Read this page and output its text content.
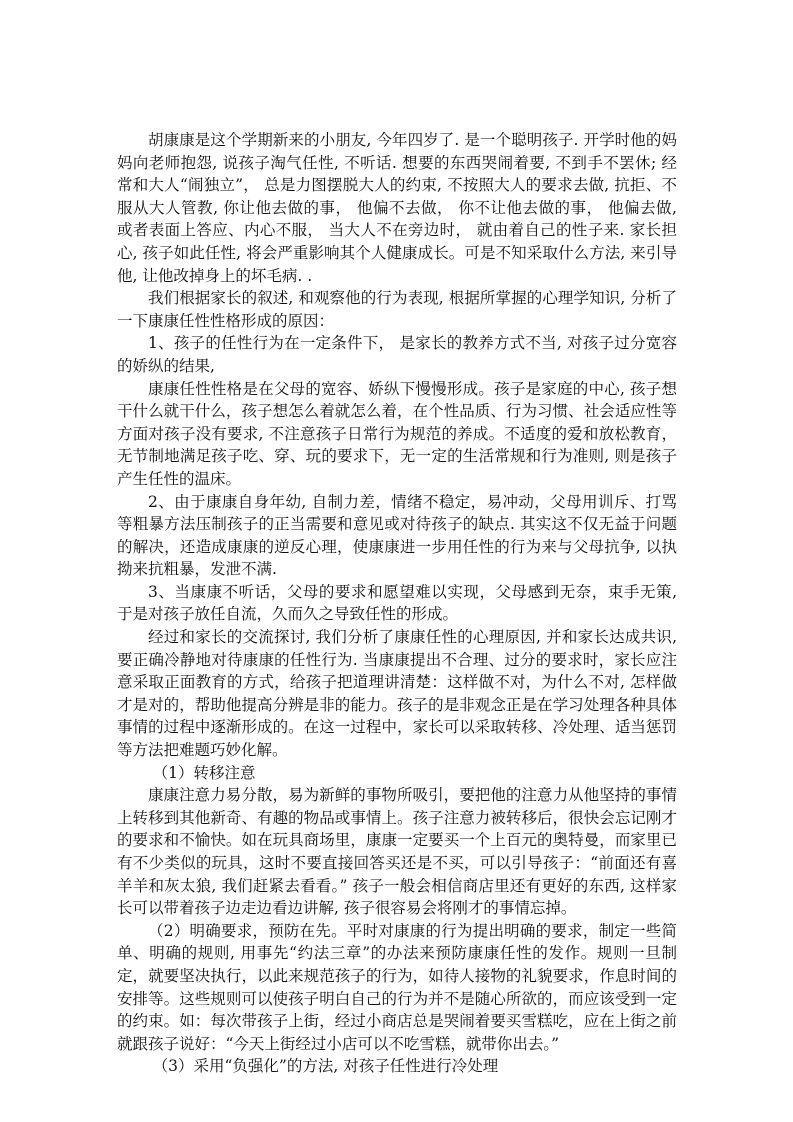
胡康康是这个学期新来的小朋友, 今年四岁了. 是一个聪明孩子. 开学时他的妈妈向老师抱怨, 说孩子淘气任性, 不听话. 想要的东西哭闹着要, 不到手不罢休; 经常和大人“闹独立”， 总是力图摆脱大人的约束, 不按照大人的要求去做, 抗拒、不服从大人管教, 你让他去做的事， 他偏不去做， 你不让他去做的事， 他偏去做, 或者表面上答应、内心不服， 当大人不在旁边时， 就由着自己的性子来. 家长担心, 孩子如此任性, 将会严重影响其个人健康成长。可是不知采取什么方法, 来引导他, 让他改掉身上的坏毛病. .

我们根据家长的叙述, 和观察他的行为表现, 根据所掌握的心理学知识, 分析了一下康康任性性格形成的原因：

1、孩子的任性行为在一定条件下， 是家长的教养方式不当, 对孩子过分宽容的娇纵的结果,

康康任性性格是在父母的宽容、娇纵下慢慢形成。孩子是家庭的中心, 孩子想干什么就干什么，孩子想怎么着就怎么着，在个性品质、行为习惯、社会适应性等方面对孩子没有要求, 不注意孩子日常行为规范的养成。不适度的爱和放松教育，无节制地满足孩子吃、穿、玩的要求下，无一定的生活常规和行为准则, 则是孩子产生任性的温床。

2、由于康康自身年幼, 自制力差，情绪不稳定，易冲动，父母用训斥、打骂等粗暴方法压制孩子的正当需要和意见或对待孩子的缺点. 其实这不仅无益于问题的解决，还造成康康的逆反心理，使康康进一步用任性的行为来与父母抗争, 以执拗来抗粗暴，发泄不满.

3、当康康不听话，父母的要求和愿望难以实现，父母感到无奈，束手无策, 于是对孩子放任自流，久而久之导致任性的形成。

经过和家长的交流探讨, 我们分析了康康任性的心理原因, 并和家长达成共识, 要正确冷静地对待康康的任性行为. 当康康提出不合理、过分的要求时，家长应注意采取正面教育的方式，给孩子把道理讲清楚：这样做不对，为什么不对, 怎样做才是对的，帮助他提高分辨是非的能力。孩子的是非观念正是在学习处理各种具体事情的过程中逐渐形成的。在这一过程中，家长可以采取转移、冷处理、适当惩罚等方法把难题巧妙化解。

（1）转移注意

康康注意力易分散，易为新鲜的事物所吸引，要把他的注意力从他坚持的事情上转移到其他新奇、有趣的物品或事情上。孩子注意力被转移后，很快会忘记刚才的要求和不愉快。如在玩具商场里，康康一定要买一个上百元的奥特曼，而家里已有不少类似的玩具，这时不要直接回答买还是不买，可以引导孩子：“前面还有喜羊羊和灰太狼, 我们赶紧去看看。” 孩子一般会相信商店里还有更好的东西, 这样家长可以带着孩子边走边看边讲解, 孩子很容易会将刚才的事情忘掉。

（2）明确要求，预防在先。平时对康康的行为提出明确的要求，制定一些简单、明确的规则, 用事先“约法三章”的办法来预防康康任性的发作。规则一旦制定，就要坚决执行，以此来规范孩子的行为，如待人接物的礼貌要求，作息时间的安排等。这些规则可以使孩子明白自己的行为并不是随心所欲的，而应该受到一定的约束。如：每次带孩子上街，经过小商店总是哭闹着要买雪糕吃，应在上街之前就跟孩子说好：“今天上街经过小店可以不吃雪糕，就带你出去。”

（3）采用“负强化”的方法, 对孩子任性进行冷处理
